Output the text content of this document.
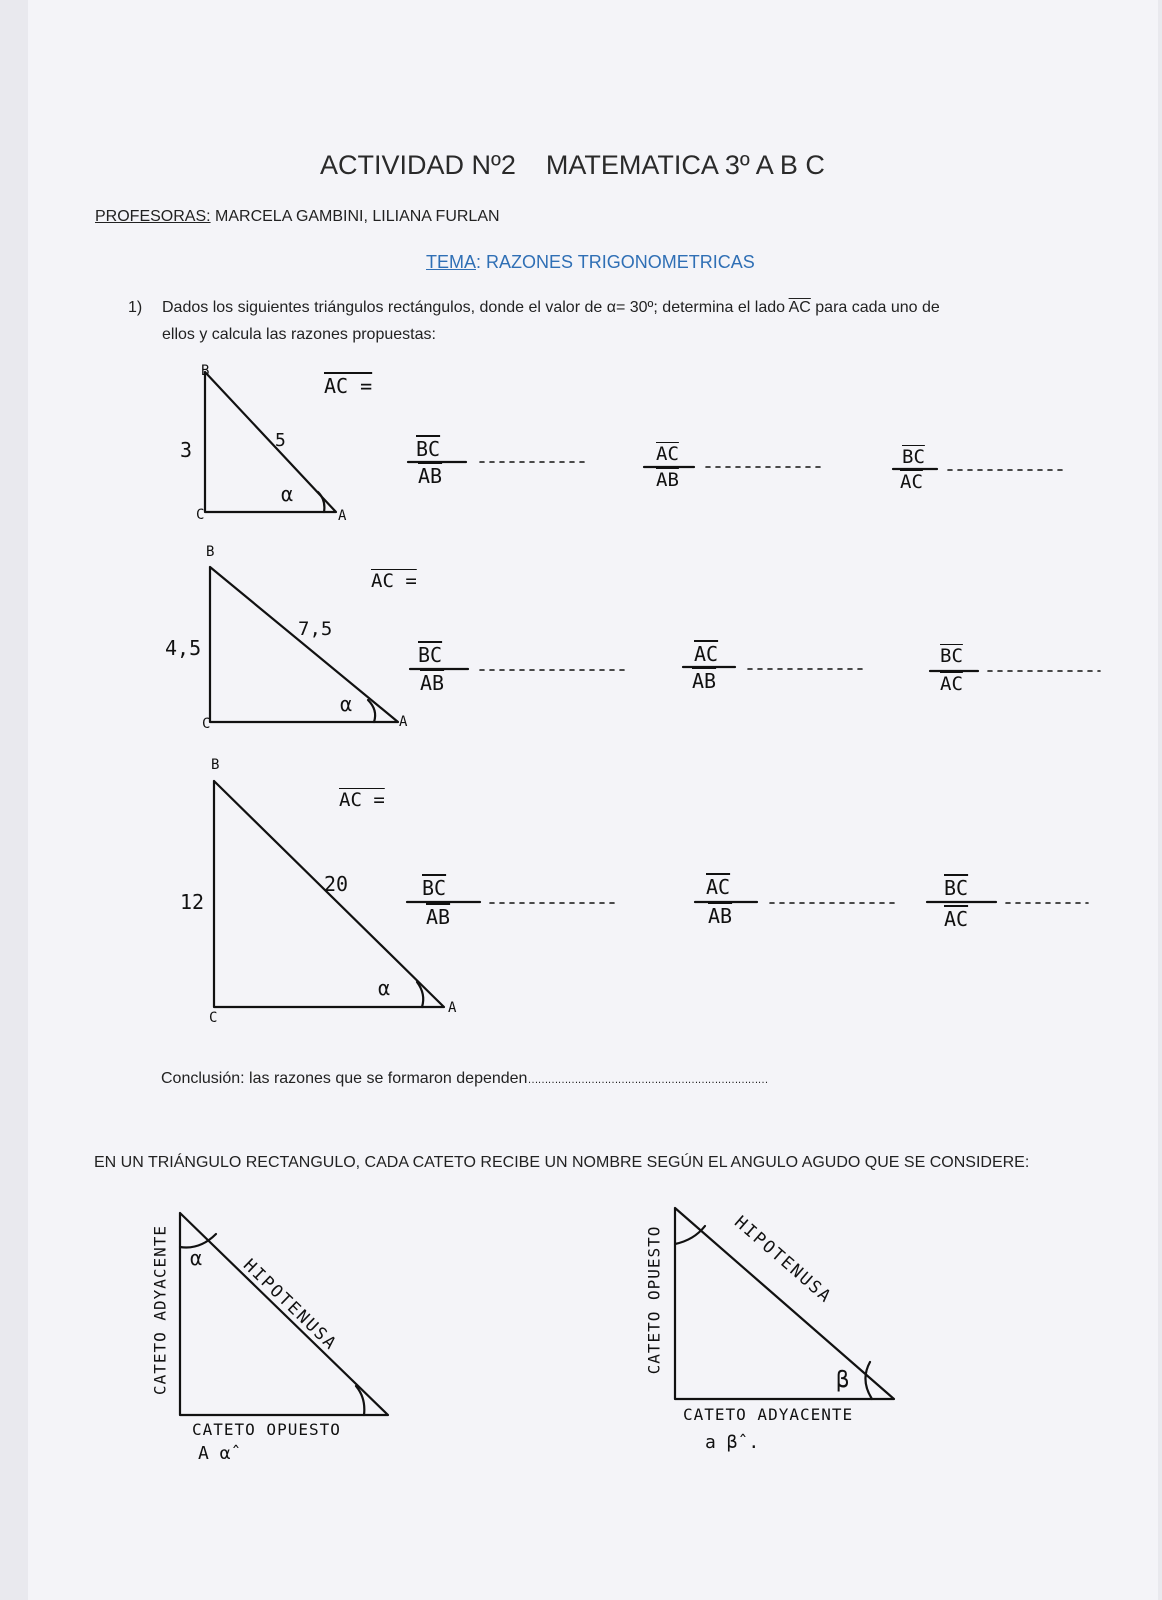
ACTIVIDAD Nº2 MATEMATICA 3º A B C
PROFESORAS: MARCELA GAMBINI, LILIANA FURLAN
TEMA: RAZONES TRIGONOMETRICAS
1) Dados los siguientes triángulos rectángulos, donde el valor de α= 30º; determina el lado $\overline{AC}$ para cada uno de
ellos y calcula las razones propuestas:
B
C	A
α
3	5
AC =
$\overline{BC}$
$\overline{AB}$
$\overline{AC}$
$\overline{AB}$
$\overline{BC}$
$\overline{AC}$
B
C	A
α
4,5
7,5
AC =
$\overline{BC}$
$\overline{AB}$
$\overline{AC}$
$\overline{AB}$
$\overline{BC}$
$\overline{AC}$
B
C
A
α
12
20
AC =
$\overline{BC}$
$\overline{AB}$
$\overline{AC}$
$\overline{AB}$
$\overline{BC}$
$\overline{AC}$
Conclusión: las razones que se formaron dependen………………………………………………………………
EN UN TRIÁNGULO RECTANGULO, CADA CATETO RECIBE UN NOMBRE SEGÚN EL ANGULO AGUDO QUE SE CONSIDERE:
CATETO ADYACENTE	HIPOTENUSA
CATETO OPUESTO
A α̂
α	CATETO OPUESTO	HIPOTENUSA
CATETO ADYACENTE
a β̂ .
β
